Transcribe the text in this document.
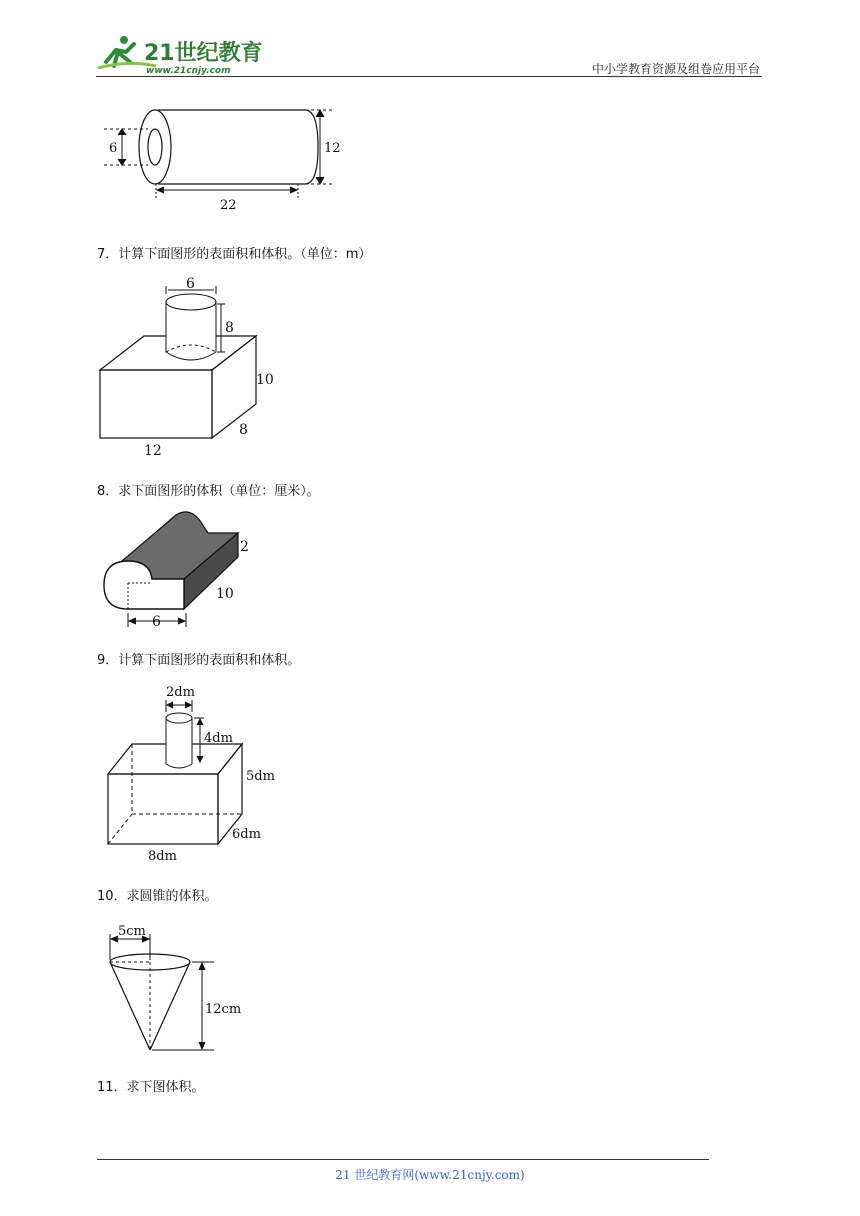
21世纪教育
www.21cnjy.com	中小学教育资源及组卷应用平台
6	12
22
7．计算下面图形的表面积和体积。（单位：m）
6
8
10
8
12
8．求下面图形的体积（单位：厘米）。
2
10
6
9．计算下面图形的表面积和体积。
2dm
4dm
5dm
6dm
8dm
10．求圆锥的体积。
5cm
12cm
11．求下图体积。
21 世纪教育网(www.21cnjy.com)
